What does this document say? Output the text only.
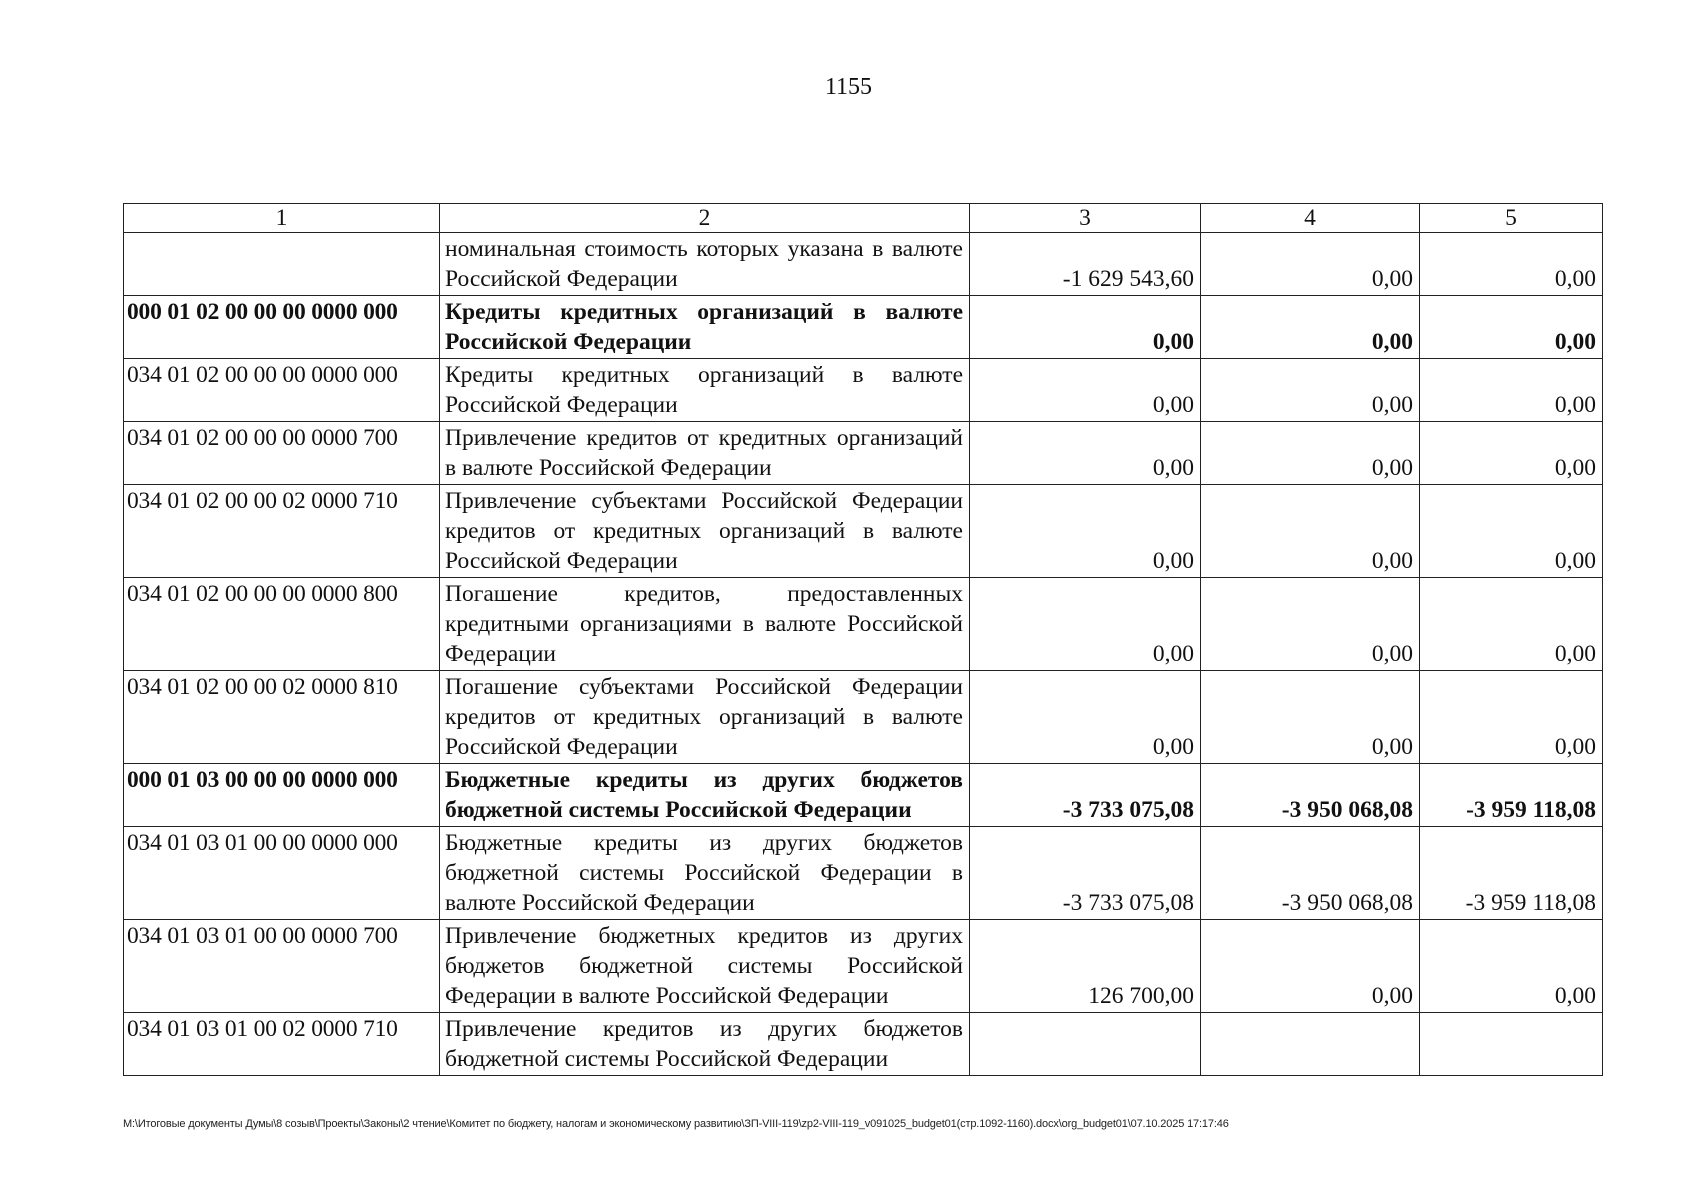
1155
1	2	3	4	5
	номинальная стоимость которых указана в валюте Российской Федерации	-1 629 543,60	0,00	0,00
000 01 02 00 00 00 0000 000	Кредиты кредитных организаций в валюте Российской Федерации	0,00	0,00	0,00
034 01 02 00 00 00 0000 000	Кредиты кредитных организаций в валюте Российской Федерации	0,00	0,00	0,00
034 01 02 00 00 00 0000 700	Привлечение кредитов от кредитных организаций в валюте Российской Федерации	0,00	0,00	0,00
034 01 02 00 00 02 0000 710	Привлечение субъектами Российской Федерации кредитов от кредитных организаций в валюте Российской Федерации	0,00	0,00	0,00
034 01 02 00 00 00 0000 800	Погашение кредитов, предоставленных кредитными организациями в валюте Российской Федерации	0,00	0,00	0,00
034 01 02 00 00 02 0000 810	Погашение субъектами Российской Федерации кредитов от кредитных организаций в валюте Российской Федерации	0,00	0,00	0,00
000 01 03 00 00 00 0000 000	Бюджетные кредиты из других бюджетов бюджетной системы Российской Федерации	-3 733 075,08	-3 950 068,08	-3 959 118,08
034 01 03 01 00 00 0000 000	Бюджетные кредиты из других бюджетов бюджетной системы Российской Федерации в валюте Российской Федерации	-3 733 075,08	-3 950 068,08	-3 959 118,08
034 01 03 01 00 00 0000 700	Привлечение бюджетных кредитов из других бюджетов бюджетной системы Российской Федерации в валюте Российской Федерации	126 700,00	0,00	0,00
034 01 03 01 00 02 0000 710	Привлечение кредитов из других бюджетов бюджетной системы Российской Федерации			
M:\Итоговые документы Думы\8 созыв\Проекты\Законы\2 чтение\Комитет по бюджету, налогам и экономическому развитию\ЗП-VIII-119\zp2-VIII-119_v091025_budget01(стр.1092-1160).docx\org_budget01\07.10.2025 17:17:46
